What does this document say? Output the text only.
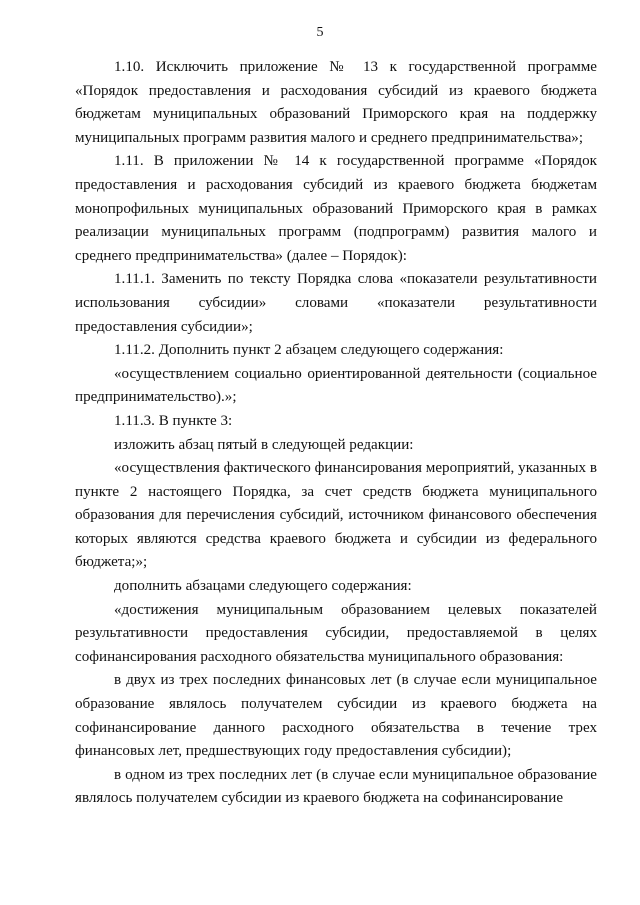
5

1.10. Исключить приложение № 13 к государственной программе «Порядок предоставления и расходования субсидий из краевого бюджета бюджетам муниципальных образований Приморского края на поддержку муниципальных программ развития малого и среднего предпринимательства»;

1.11. В приложении № 14 к государственной программе «Порядок предоставления и расходования субсидий из краевого бюджета бюджетам монопрофильных муниципальных образований Приморского края в рамках реализации муниципальных программ (подпрограмм) развития малого и среднего предпринимательства» (далее – Порядок):

1.11.1. Заменить по тексту Порядка слова «показатели результативности использования субсидии» словами «показатели результативности предоставления субсидии»;

1.11.2. Дополнить пункт 2 абзацем следующего содержания:

«осуществлением социально ориентированной деятельности (социальное предпринимательство).»;

1.11.3. В пункте 3:

изложить абзац пятый в следующей редакции:

«осуществления фактического финансирования мероприятий, указанных в пункте 2 настоящего Порядка, за счет средств бюджета муниципального образования для перечисления субсидий, источником финансового обеспечения которых являются средства краевого бюджета и субсидии из федерального бюджета;»;

дополнить абзацами следующего содержания:

«достижения муниципальным образованием целевых показателей результативности предоставления субсидии, предоставляемой в целях софинансирования расходного обязательства муниципального образования:

в двух из трех последних финансовых лет (в случае если муниципальное образование являлось получателем субсидии из краевого бюджета на софинансирование данного расходного обязательства в течение трех финансовых лет, предшествующих году предоставления субсидии);

в одном из трех последних лет (в случае если муниципальное образование являлось получателем субсидии из краевого бюджета на софинансирование
